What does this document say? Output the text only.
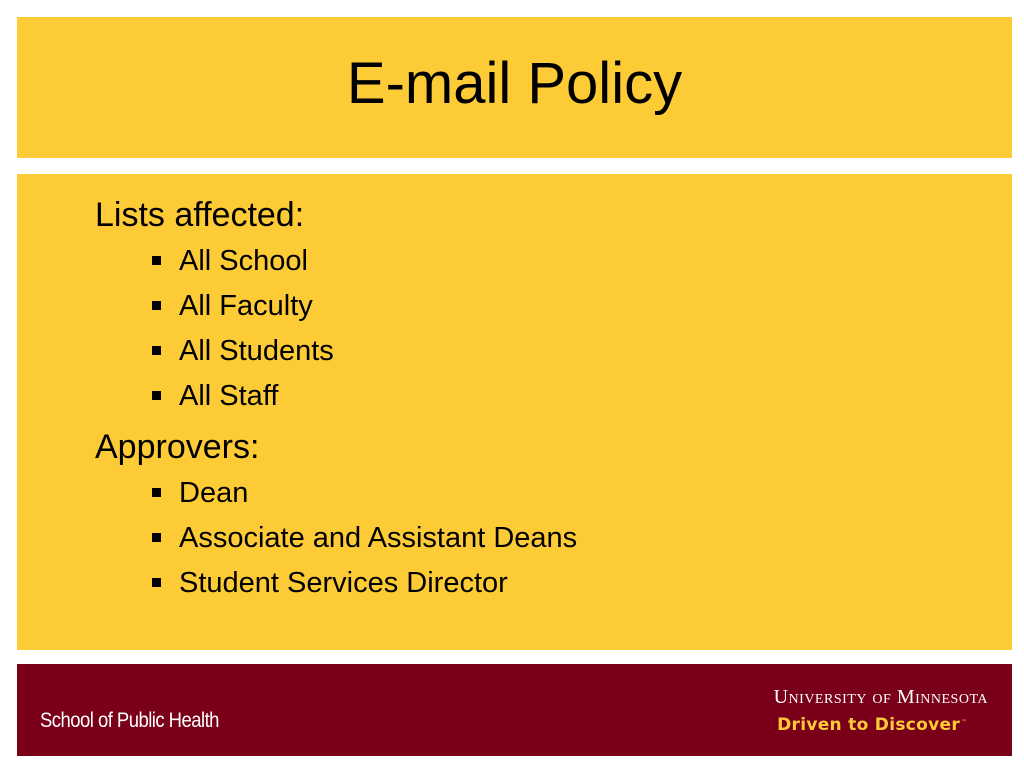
E-mail Policy
Lists affected:
All School
All Faculty
All Students
All Staff
Approvers:
Dean
Associate and Assistant Deans
Student Services Director
School of Public Health
University of Minnesota
Driven to Discover ™
